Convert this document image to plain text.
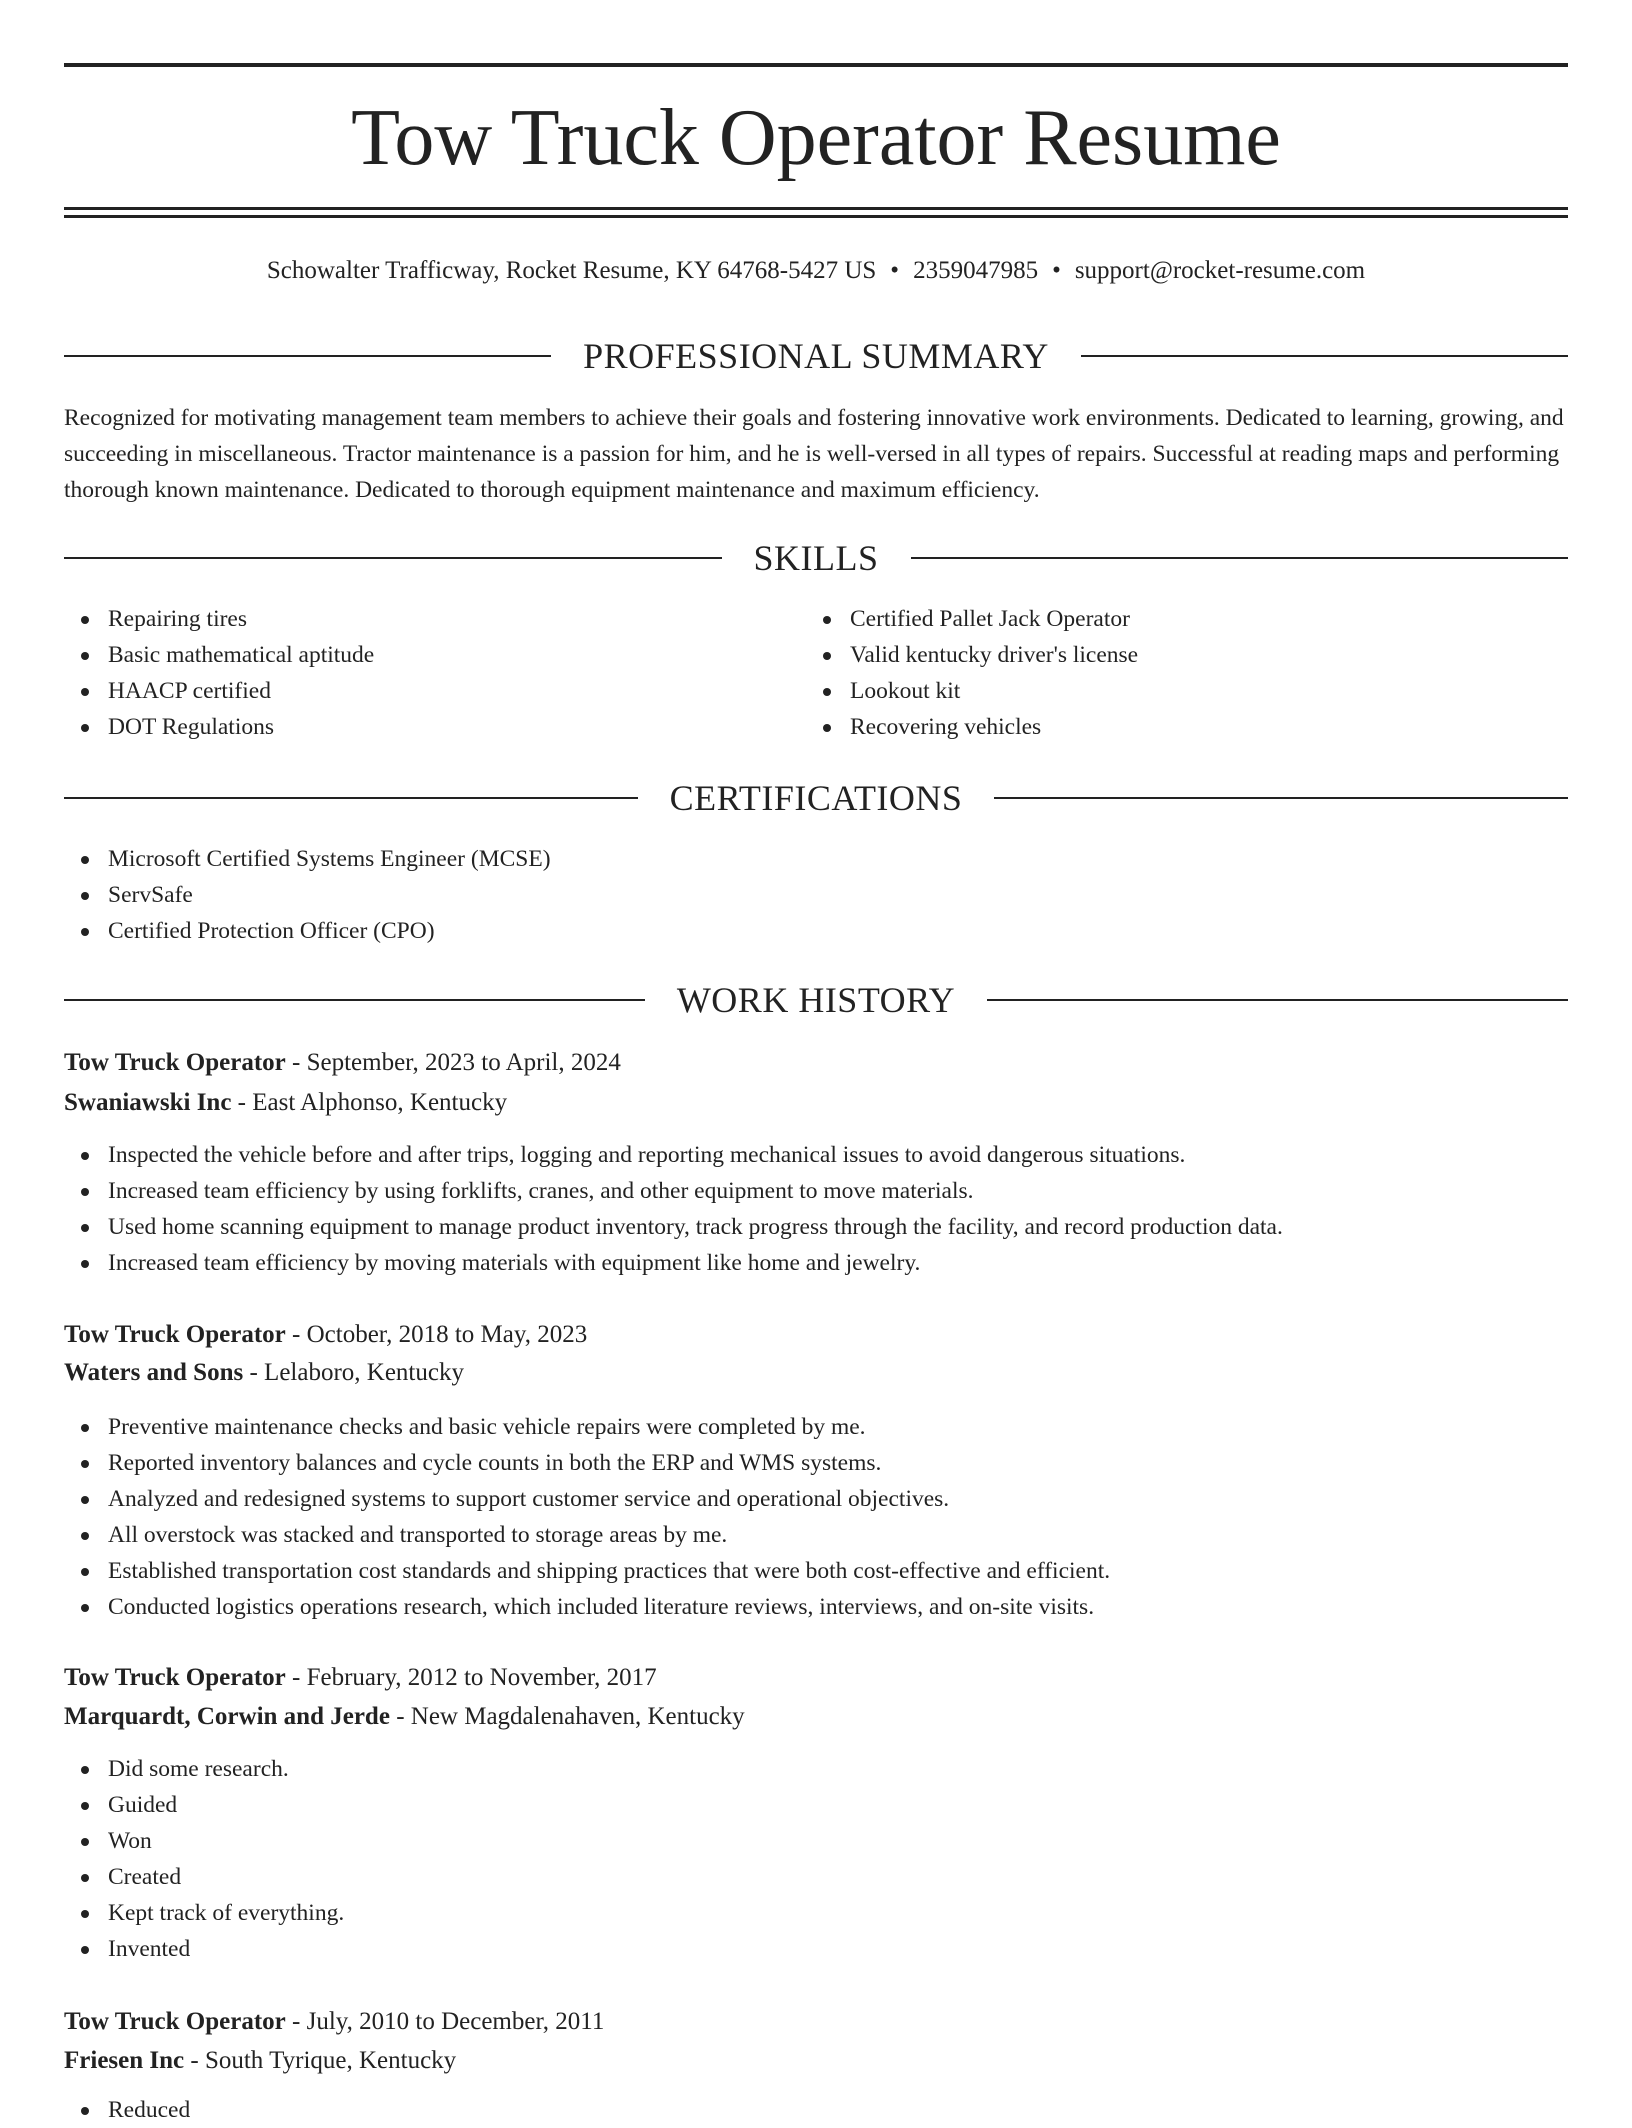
Tow Truck Operator Resume
Schowalter Trafficway, Rocket Resume, KY 64768-5427 US • 2359047985 • support@rocket-resume.com
PROFESSIONAL SUMMARY

Recognized for motivating management team members to achieve their goals and fostering innovative work environments. Dedicated to learning, growing, and succeeding in miscellaneous. Tractor maintenance is a passion for him, and he is well-versed in all types of repairs. Successful at reading maps and performing thorough known maintenance. Dedicated to thorough equipment maintenance and maximum efficiency.

SKILLS
Repairing tires
Basic mathematical aptitude
HAACP certified
DOT Regulations
Certified Pallet Jack Operator
Valid kentucky driver's license
Lookout kit
Recovering vehicles
CERTIFICATIONS
Microsoft Certified Systems Engineer (MCSE)
ServSafe
Certified Protection Officer (CPO)
WORK HISTORY
Tow Truck Operator - September, 2023 to April, 2024
Swaniawski Inc - East Alphonso, Kentucky
Inspected the vehicle before and after trips, logging and reporting mechanical issues to avoid dangerous situations.
Increased team efficiency by using forklifts, cranes, and other equipment to move materials.
Used home scanning equipment to manage product inventory, track progress through the facility, and record production data.
Increased team efficiency by moving materials with equipment like home and jewelry.
Tow Truck Operator - October, 2018 to May, 2023
Waters and Sons - Lelaboro, Kentucky
Preventive maintenance checks and basic vehicle repairs were completed by me.
Reported inventory balances and cycle counts in both the ERP and WMS systems.
Analyzed and redesigned systems to support customer service and operational objectives.
All overstock was stacked and transported to storage areas by me.
Established transportation cost standards and shipping practices that were both cost-effective and efficient.
Conducted logistics operations research, which included literature reviews, interviews, and on-site visits.
Tow Truck Operator - February, 2012 to November, 2017
Marquardt, Corwin and Jerde - New Magdalenahaven, Kentucky
Did some research.
Guided
Won
Created
Kept track of everything.
Invented
Tow Truck Operator - July, 2010 to December, 2011
Friesen Inc - South Tyrique, Kentucky
Reduced
